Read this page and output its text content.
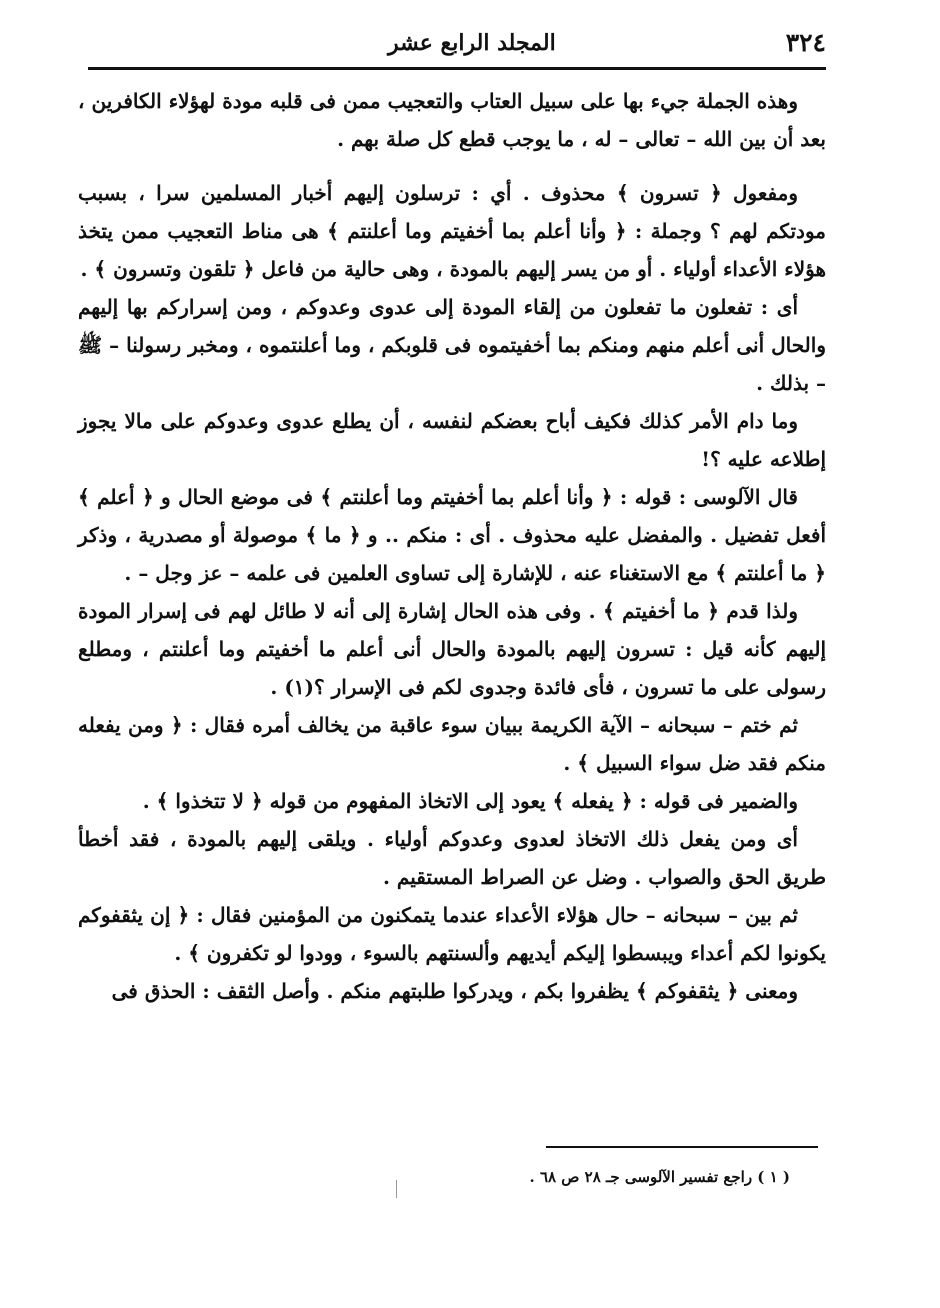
٣٢٤
المجلد الرابع عشر

وهذه الجملة جيء بها على سبيل العتاب والتعجيب ممن فى قلبه مودة لهؤلاء الكافرين ، بعد أن بين الله – تعالى – له ، ما يوجب قطع كل صلة بهم .

ومفعول ﴿ تسرون ﴾ محذوف . أي : ترسلون إليهم أخبار المسلمين سرا ، بسبب مودتكم لهم ؟ وجملة : ﴿ وأنا أعلم بما أخفيتم وما أعلنتم ﴾ هى مناط التعجيب ممن يتخذ هؤلاء الأعداء أولياء . أو من يسر إليهم بالمودة ، وهى حالية من فاعل ﴿ تلقون وتسرون ﴾ .

أى : تفعلون ما تفعلون من إلقاء المودة إلى عدوى وعدوكم ، ومن إسراركم بها إليهم والحال أنى أعلم منهم ومنكم بما أخفيتموه فى قلوبكم ، وما أعلنتموه ، ومخبر رسولنا – ﷺ – بذلك .

وما دام الأمر كذلك فكيف أباح بعضكم لنفسه ، أن يطلع عدوى وعدوكم على مالا يجوز إطلاعه عليه ؟!

قال الآلوسى : قوله : ﴿ وأنا أعلم بما أخفيتم وما أعلنتم ﴾ فى موضع الحال و ﴿ أعلم ﴾ أفعل تفضيل . والمفضل عليه محذوف . أى : منكم .. و ﴿ ما ﴾ موصولة أو مصدرية ، وذكر ﴿ ما أعلنتم ﴾ مع الاستغناء عنه ، للإشارة إلى تساوى العلمين فى علمه – عز وجل – .

ولذا قدم ﴿ ما أخفيتم ﴾ . وفى هذه الحال إشارة إلى أنه لا طائل لهم فى إسرار المودة إليهم كأنه قيل : تسرون إليهم بالمودة والحال أنى أعلم ما أخفيتم وما أعلنتم ، ومطلع رسولى على ما تسرون ، فأى فائدة وجدوى لكم فى الإسرار ؟(١) .

ثم ختم – سبحانه – الآية الكريمة ببيان سوء عاقبة من يخالف أمره فقال : ﴿ ومن يفعله منكم فقد ضل سواء السبيل ﴾ .

والضمير فى قوله : ﴿ يفعله ﴾ يعود إلى الاتخاذ المفهوم من قوله ﴿ لا تتخذوا ﴾ .

أى ومن يفعل ذلك الاتخاذ لعدوى وعدوكم أولياء . ويلقى إليهم بالمودة ، فقد أخطأ طريق الحق والصواب . وضل عن الصراط المستقيم .

ثم بين – سبحانه – حال هؤلاء الأعداء عندما يتمكنون من المؤمنين فقال : ﴿ إن يثقفوكم يكونوا لكم أعداء ويبسطوا إليكم أيديهم وألسنتهم بالسوء ، وودوا لو تكفرون ﴾ .

ومعنى ﴿ يثقفوكم ﴾ يظفروا بكم ، ويدركوا طلبتهم منكم . وأصل الثقف : الحذق فى

( ١ ) راجع تفسير الآلوسى جـ ٢٨ ص ٦٨ .
